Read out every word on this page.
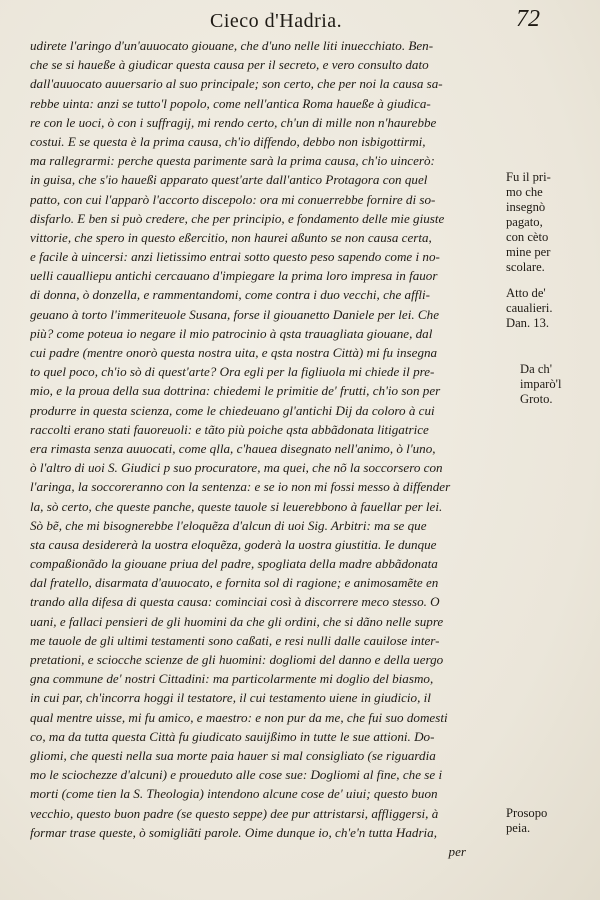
Cieco d'Hadria.	72
udirete l'aringo d'un'auuocato giouane, che d'uno nelle liti inuecchiato. Ben-
che se si haueße à giudicar questa causa per il secreto, e vero consulto dato
dall'auuocato auuersario al suo principale; son certo, che per noi la causa sa-
rebbe uinta: anzi se tutto'l popolo, come nell'antica Roma haueße à giudica-
re con le uoci, ò con i suffragij, mi rendo certo, ch'un di mille non n'haurebbe
costui. E se questa è la prima causa, ch'io diffendo, debbo non isbigottirmi,
ma rallegrarmi: perche questa parimente sarà la prima causa, ch'io uincerò:
in guisa, che s'io haueßi apparato quest'arte dall'antico Protagora con quel
patto, con cui l'apparò l'accorto discepolo: ora mi conuerrebbe fornire di so-
disfarlo. E ben si può credere, che per principio, e fondamento delle mie giuste
vittorie, che spero in questo eßercitio, non haurei aßunto se non causa certa,
e facile à uincersi: anzi lietissimo entrai sotto questo peso sapendo come i no-
uelli caualliери antichi cercauano d'impiegare la prima loro impresa in fauor
di donna, ò donzella, e rammentandomi, come contra i duo vecchi, che affli-
geuano à torto l'immeriteuole Susana, forse il giouanetto Daniele per lei. Che
più? come poteua io negare il mio patrocinio à qsta trauagliata giouane, dal
cui padre (mentre onorò questa nostra uita, e qsta nostra Città) mi fu insegna
to quel poco, ch'io sò di quest'arte? Ora egli per la figliuola mi chiede il pre-
mio, e la proua della sua dottrina: chiedemi le primitie de' frutti, ch'io son per
produrre in questa scienza, come le chiedeuano gl'antichi Dij da coloro à cui
raccolti erano stati fauoreuoli: e tãto più poiche qsta abbãdonata litigatrice
era rimasta senza auuocati, come qlla, c'hauea disegnato nell'animo, ò l'uno,
ò l'altro di uoi S. Giudici p suo procuratore, ma quei, che nõ la soccorsero con
l'aringa, la soccoreranno con la sentenza: e se io non mi fossi messo à diffender
la, sò certo, che queste panche, queste tauole si leuerebbono à fauellar per lei.
Sò bẽ, che mi bisognerebbe l'eloquẽza d'alcun di uoi Sig. Arbitri: ma se que
sta causa desidererà la uostra eloquẽza, goderà la uostra giustitia. Ie dunque
compaßionãdo la giouane priua del padre, spogliata della madre abbãdonata
dal fratello, disarmata d'auuocato, e fornita sol di ragione; e animosamẽte en
trando alla difesa di questa causa: cominciai così à discorrere meco stesso. O
uani, e fallaci pensieri de gli huomini da che gli ordini, che si dãno nelle supre
me tauole de gli ultimi testamenti sono caßati, e resi nulli dalle cauilose inter-
pretationi, e sciocche scienze de gli huomini: dogliomi del danno e della uergo
gna commune de' nostri Cittadini: ma particolarmente mi doglio del biasmo,
in cui par, ch'incorra hoggi il testatore, il cui testamento uiene in giudicio, il
qual mentre uisse, mi fu amico, e maestro: e non pur da me, che fui suo domesti
co, ma da tutta questa Città fu giudicato sauijßimo in tutte le sue attioni. Do-
gliomi, che questi nella sua morte paia hauer si mal consigliato (se riguardia
mo le sciochezze d'alcuni) e proueduto alle cose sue: Dogliomi al fine, che se i
morti (come tien la S. Theologia) intendono alcune cose de' uiui; questo buon
vecchio, questo buon padre (se questo seppe) dee pur attristarsi, affliggersi, à
formar trase queste, ò somigliãti parole. Oime dunque io, ch'e'n tutta Hadria,
per
Fu il pri-
mo che
insegnò
pagato,
con cèto
mine per
scolare.
Atto de'
caualieri.
Dan. 13.
Da ch'
imparò'l
Groto.
Prosopo
peia.
